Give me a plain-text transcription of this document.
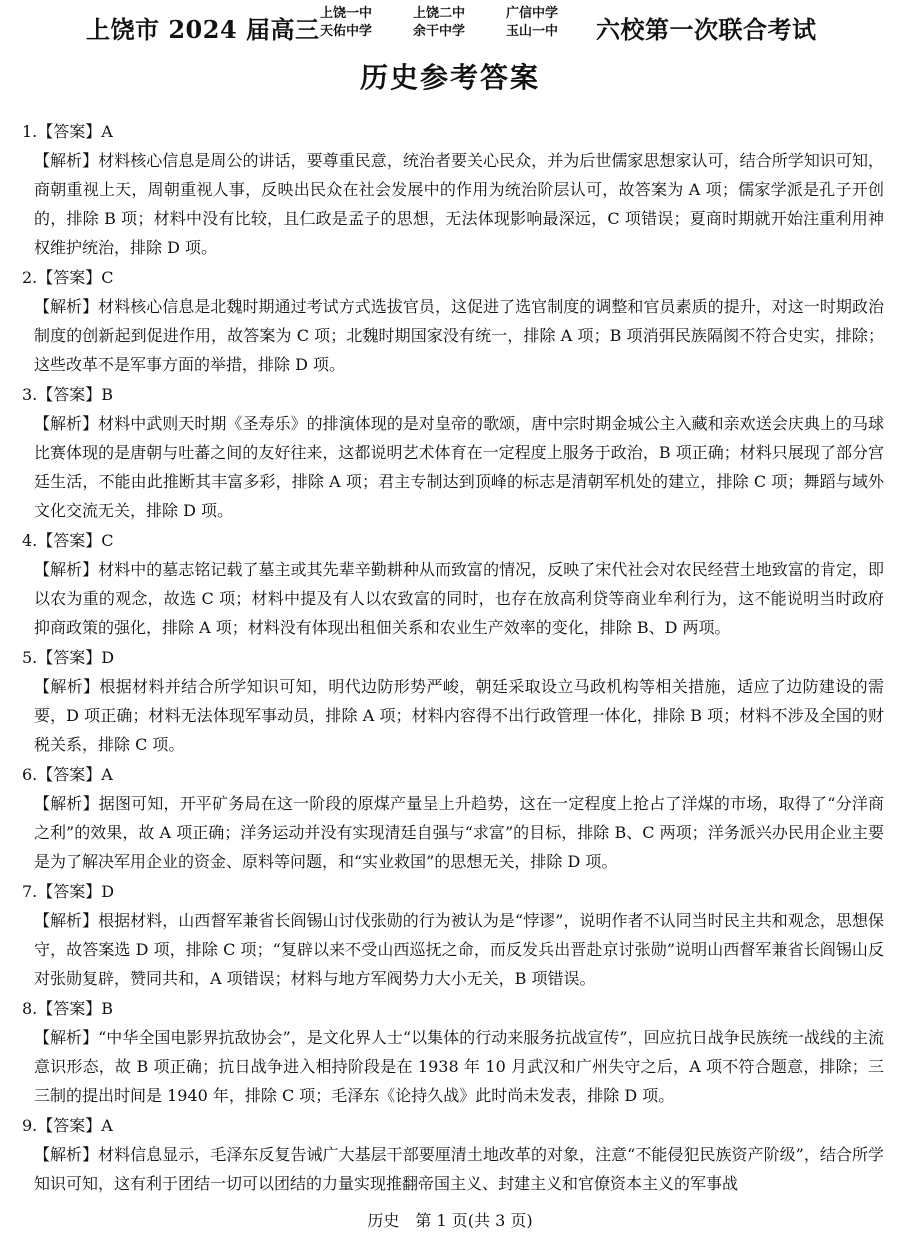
上饶市 2024 届高三
上饶一中	上饶二中	广信中学
天佑中学	余干中学	玉山一中	六校第一次联合考试
历史参考答案
1.【答案】A
【解析】材料核心信息是周公的讲话，要尊重民意，统治者要关心民众，并为后世儒家思想家认可，结合所学知识可知，商朝重视上天，周朝重视人事，反映出民众在社会发展中的作用为统治阶层认可，故答案为 A 项；儒家学派是孔子开创的，排除 B 项；材料中没有比较，且仁政是孟子的思想，无法体现影响最深远，C 项错误；夏商时期就开始注重利用神权维护统治，排除 D 项。
2.【答案】C
【解析】材料核心信息是北魏时期通过考试方式选拔官员，这促进了选官制度的调整和官员素质的提升，对这一时期政治制度的创新起到促进作用，故答案为 C 项；北魏时期国家没有统一，排除 A 项；B 项消弭民族隔阂不符合史实，排除；这些改革不是军事方面的举措，排除 D 项。
3.【答案】B
【解析】材料中武则天时期《圣寿乐》的排演体现的是对皇帝的歌颂，唐中宗时期金城公主入藏和亲欢送会庆典上的马球比赛体现的是唐朝与吐蕃之间的友好往来，这都说明艺术体育在一定程度上服务于政治，B 项正确；材料只展现了部分宫廷生活，不能由此推断其丰富多彩，排除 A 项；君主专制达到顶峰的标志是清朝军机处的建立，排除 C 项；舞蹈与域外文化交流无关，排除 D 项。
4.【答案】C
【解析】材料中的墓志铭记载了墓主或其先辈辛勤耕种从而致富的情况，反映了宋代社会对农民经营土地致富的肯定，即以农为重的观念，故选 C 项；材料中提及有人以农致富的同时，也存在放高利贷等商业牟利行为，这不能说明当时政府抑商政策的强化，排除 A 项；材料没有体现出租佃关系和农业生产效率的变化，排除 B、D 两项。
5.【答案】D
【解析】根据材料并结合所学知识可知，明代边防形势严峻，朝廷采取设立马政机构等相关措施，适应了边防建设的需要，D 项正确；材料无法体现军事动员，排除 A 项；材料内容得不出行政管理一体化，排除 B 项；材料不涉及全国的财税关系，排除 C 项。
6.【答案】A
【解析】据图可知，开平矿务局在这一阶段的原煤产量呈上升趋势，这在一定程度上抢占了洋煤的市场，取得了“分洋商之利”的效果，故 A 项正确；洋务运动并没有实现清廷自强与“求富”的目标，排除 B、C 两项；洋务派兴办民用企业主要是为了解决军用企业的资金、原料等问题，和“实业救国”的思想无关，排除 D 项。
7.【答案】D
【解析】根据材料，山西督军兼省长阎锡山讨伐张勋的行为被认为是“悖谬”，说明作者不认同当时民主共和观念，思想保守，故答案选 D 项，排除 C 项；“复辟以来不受山西巡抚之命，而反发兵出晋赴京讨张勋”说明山西督军兼省长阎锡山反对张勋复辟，赞同共和，A 项错误；材料与地方军阀势力大小无关，B 项错误。
8.【答案】B
【解析】“中华全国电影界抗敌协会”，是文化界人士“以集体的行动来服务抗战宣传”，回应抗日战争民族统一战线的主流意识形态，故 B 项正确；抗日战争进入相持阶段是在 1938 年 10 月武汉和广州失守之后，A 项不符合题意，排除；三三制的提出时间是 1940 年，排除 C 项；毛泽东《论持久战》此时尚未发表，排除 D 项。
9.【答案】A
【解析】材料信息显示，毛泽东反复告诫广大基层干部要厘清土地改革的对象，注意“不能侵犯民族资产阶级”，结合所学知识可知，这有利于团结一切可以团结的力量实现推翻帝国主义、封建主义和官僚资本主义的军事战
历史　第 1 页(共 3 页)
